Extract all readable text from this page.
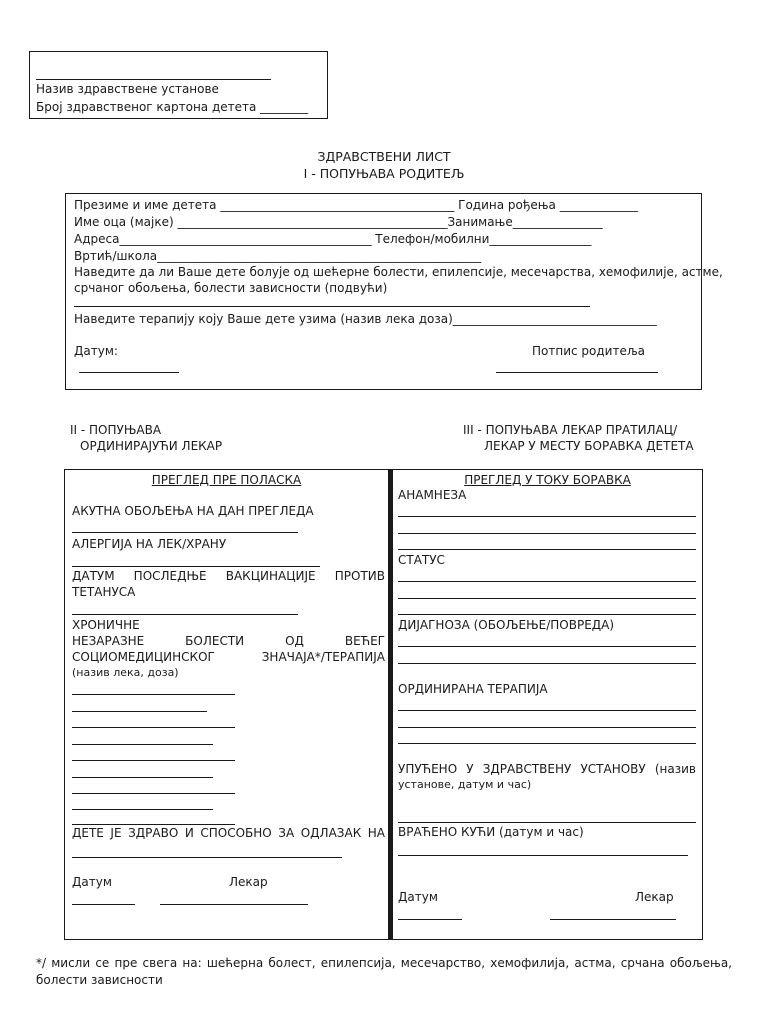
Назив здравствене установе
Број здравственог картона детета ________
ЗДРАВСТВЕНИ ЛИСТ
I - ПОПУЊАВА РОДИТЕЉ
Презиме и име детета _______________________________________ Година рођења _____________
Име оца (мајке) _____________________________________________Занимање_______________
Адреса__________________________________________ Телефон/мобилни_________________
Вртић/школа______________________________________________________
Наведите да ли Ваше дете болује од шећерне болести, епилепсије, месечарства, хемофилије, астме,
срчаног обољења, болести зависности (подвући)
Наведите терапију коју Ваше дете узима (назив лека доза)__________________________________
Датум:	Потпис родитеља
II - ПОПУЊАВА
ОРДИНИРАЈУЋИ ЛЕКАР
III - ПОПУЊАВА ЛЕКАР ПРАТИЛАЦ/
ЛЕКАР У МЕСТУ БОРАВКА ДЕТЕТА
ПРЕГЛЕД ПРЕ ПОЛАСКА
АКУТНА ОБОЉЕЊА НА ДАН ПРЕГЛЕДА
АЛЕРГИЈА НА ЛЕК/ХРАНУ
ДАТУМ ПОСЛЕДЊЕ ВАКЦИНАЦИЈЕ ПРОТИВ
ТЕТАНУСА
ХРОНИЧНЕ
НЕЗАРАЗНЕ БОЛЕСТИ ОД ВЕЋЕГ
СОЦИОМЕДИЦИНСКОГ ЗНАЧАЈА*/ТЕРАПИЈА
(назив лека, доза)
ДЕТЕ ЈЕ ЗДРАВО И СПОСОБНО ЗА ОДЛАЗАК НА
Датум	Лекар
ПРЕГЛЕД У ТОКУ БОРАВКА
АНАМНЕЗА
СТАТУС
ДИЈАГНОЗА (ОБОЉЕЊЕ/ПОВРЕДА)
ОРДИНИРАНА ТЕРАПИЈА
УПУЋЕНО У ЗДРАВСТВЕНУ УСТАНОВУ (назив
установе, датум и час)
ВРАЋЕНО КУЋИ (датум и час)
Датум	Лекар
*/ мисли се пре свега на: шећерна болест, епилепсија, месечарство, хемофилија, астма, срчана обољења,
болести зависности
